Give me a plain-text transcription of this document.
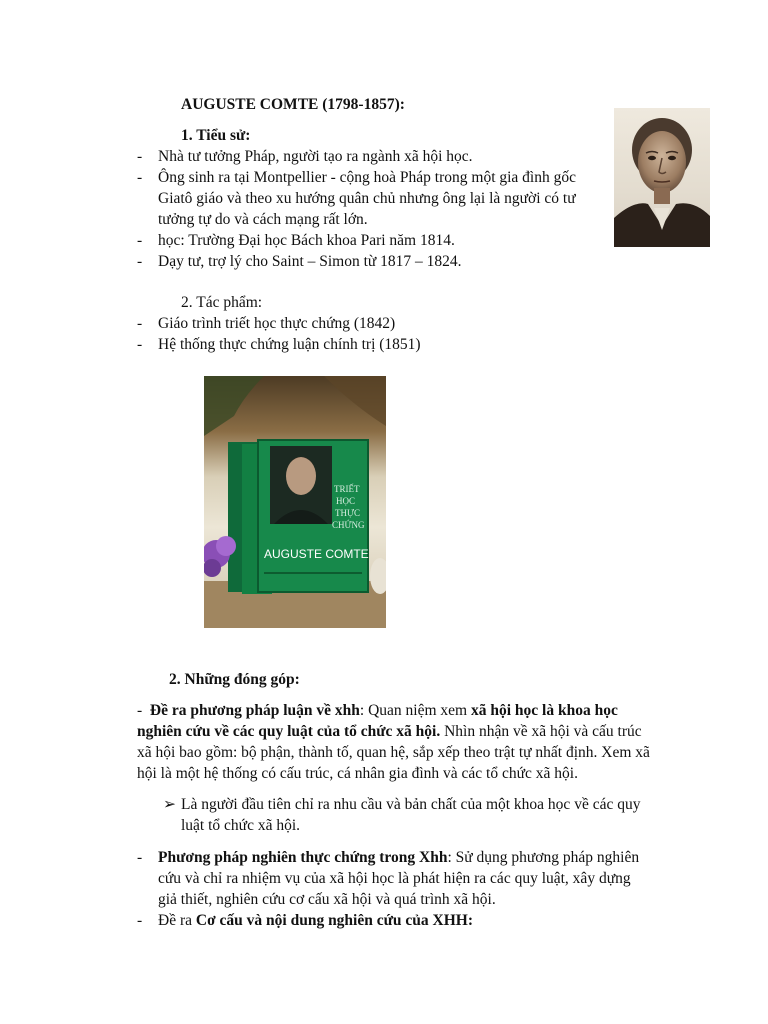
AUGUSTE COMTE (1798-1857):
1. Tiểu sử:
- Nhà tư tưởng Pháp, người tạo ra ngành xã hội học.
- Ông sinh ra tại Montpellier - cộng hoà Pháp trong một gia đình gốc
Giatô giáo và theo xu hướng quân chủ nhưng ông lại là người có tư
tưởng tự do và cách mạng rất lớn.
- học: Trường Đại học Bách khoa Pari năm 1814.
- Dạy tư, trợ lý cho Saint – Simon từ 1817 – 1824.
2. Tác phẩm:
- Giáo trình triết học thực chứng (1842)
- Hệ thống thực chứng luận chính trị (1851)
TRIẾT
HỌC
THỰC
CHỨNG
AUGUSTE COMTE
2. Những đóng góp:
- Đề ra phương pháp luận về xhh: Quan niệm xem xã hội học là khoa học
nghiên cứu về các quy luật của tổ chức xã hội. Nhìn nhận về xã hội và cấu trúc
xã hội bao gồm: bộ phận, thành tố, quan hệ, sắp xếp theo trật tự nhất định. Xem xã
hội là một hệ thống có cấu trúc, cá nhân gia đình và các tổ chức xã hội.
➢ Là người đầu tiên chỉ ra nhu cầu và bản chất của một khoa học về các quy
luật tổ chức xã hội.
- Phương pháp nghiên thực chứng trong Xhh: Sử dụng phương pháp nghiên
cứu và chỉ ra nhiệm vụ của xã hội học là phát hiện ra các quy luật, xây dựng
giả thiết, nghiên cứu cơ cấu xã hội và quá trình xã hội.
- Đề ra Cơ cấu và nội dung nghiên cứu của XHH:
